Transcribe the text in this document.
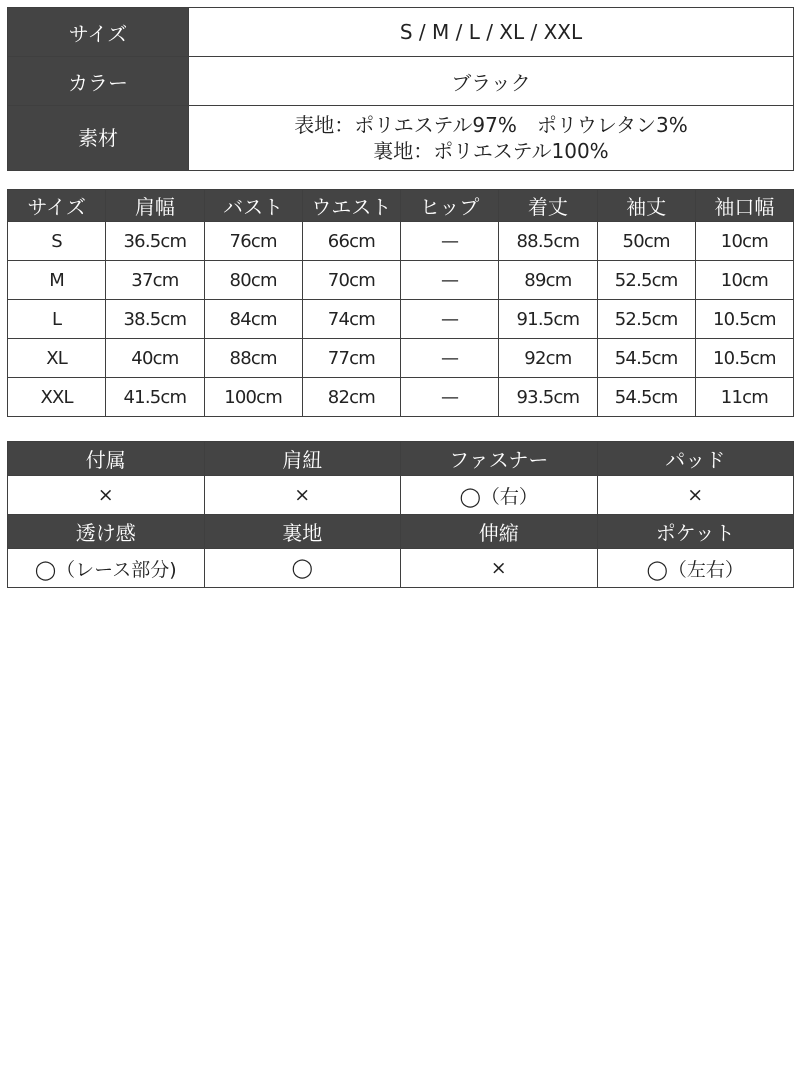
サイズ	S / M / L / XL / XXL
カラー	ブラック
素材	表地：ポリエステル97%　ポリウレタン3%
裏地：ポリエステル100%
サイズ	肩幅	バスト	ウエスト	ヒップ	着丈	袖丈	袖口幅
S	36.5cm	76cm	66cm	—	88.5cm	50cm	10cm
M	37cm	80cm	70cm	—	89cm	52.5cm	10cm
L	38.5cm	84cm	74cm	—	91.5cm	52.5cm	10.5cm
XL	40cm	88cm	77cm	—	92cm	54.5cm	10.5cm
XXL	41.5cm	100cm	82cm	—	93.5cm	54.5cm	11cm
付属	肩紐	ファスナー	パッド
×	×	◯（右）	×
透け感	裏地	伸縮	ポケット
◯（レース部分)	◯	×	◯（左右）
